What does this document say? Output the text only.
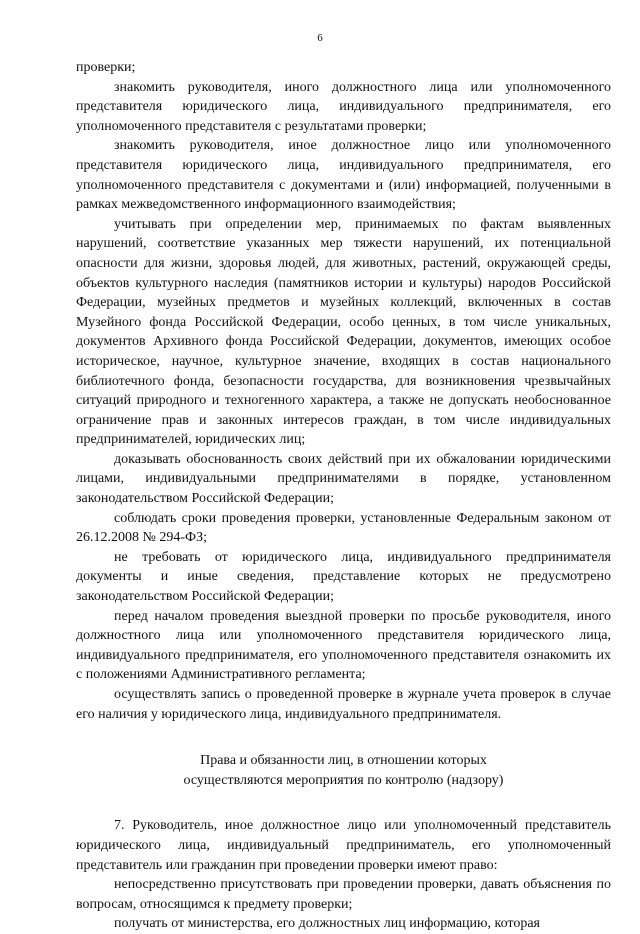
6

проверки;

знакомить руководителя, иного должностного лица или уполномоченного представителя юридического лица, индивидуального предпринимателя, его уполномоченного представителя с результатами проверки;

знакомить руководителя, иное должностное лицо или уполномоченного представителя юридического лица, индивидуального предпринимателя, его уполномоченного представителя с документами и (или) информацией, полученными в рамках межведомственного информационного взаимодействия;

учитывать при определении мер, принимаемых по фактам выявленных нарушений, соответствие указанных мер тяжести нарушений, их потенциальной опасности для жизни, здоровья людей, для животных, растений, окружающей среды, объектов культурного наследия (памятников истории и культуры) народов Российской Федерации, музейных предметов и музейных коллекций, включенных в состав Музейного фонда Российской Федерации, особо ценных, в том числе уникальных, документов Архивного фонда Российской Федерации, документов, имеющих особое историческое, научное, культурное значение, входящих в состав национального библиотечного фонда, безопасности государства, для возникновения чрезвычайных ситуаций природного и техногенного характера, а также не допускать необоснованное ограничение прав и законных интересов граждан, в том числе индивидуальных предпринимателей, юридических лиц;

доказывать обоснованность своих действий при их обжаловании юридическими лицами, индивидуальными предпринимателями в порядке, установленном законодательством Российской Федерации;

соблюдать сроки проведения проверки, установленные Федеральным законом от 26.12.2008 № 294-ФЗ;

не требовать от юридического лица, индивидуального предпринимателя документы и иные сведения, представление которых не предусмотрено законодательством Российской Федерации;

перед началом проведения выездной проверки по просьбе руководителя, иного должностного лица или уполномоченного представителя юридического лица, индивидуального предпринимателя, его уполномоченного представителя ознакомить их с положениями Административного регламента;

осуществлять запись о проведенной проверке в журнале учета проверок в случае его наличия у юридического лица, индивидуального предпринимателя.

Права и обязанности лиц, в отношении которых
осуществляются мероприятия по контролю (надзору)

7. Руководитель, иное должностное лицо или уполномоченный представитель юридического лица, индивидуальный предприниматель, его уполномоченный представитель или гражданин при проведении проверки имеют право:

непосредственно присутствовать при проведении проверки, давать объяснения по вопросам, относящимся к предмету проверки;

получать от министерства, его должностных лиц информацию, которая
